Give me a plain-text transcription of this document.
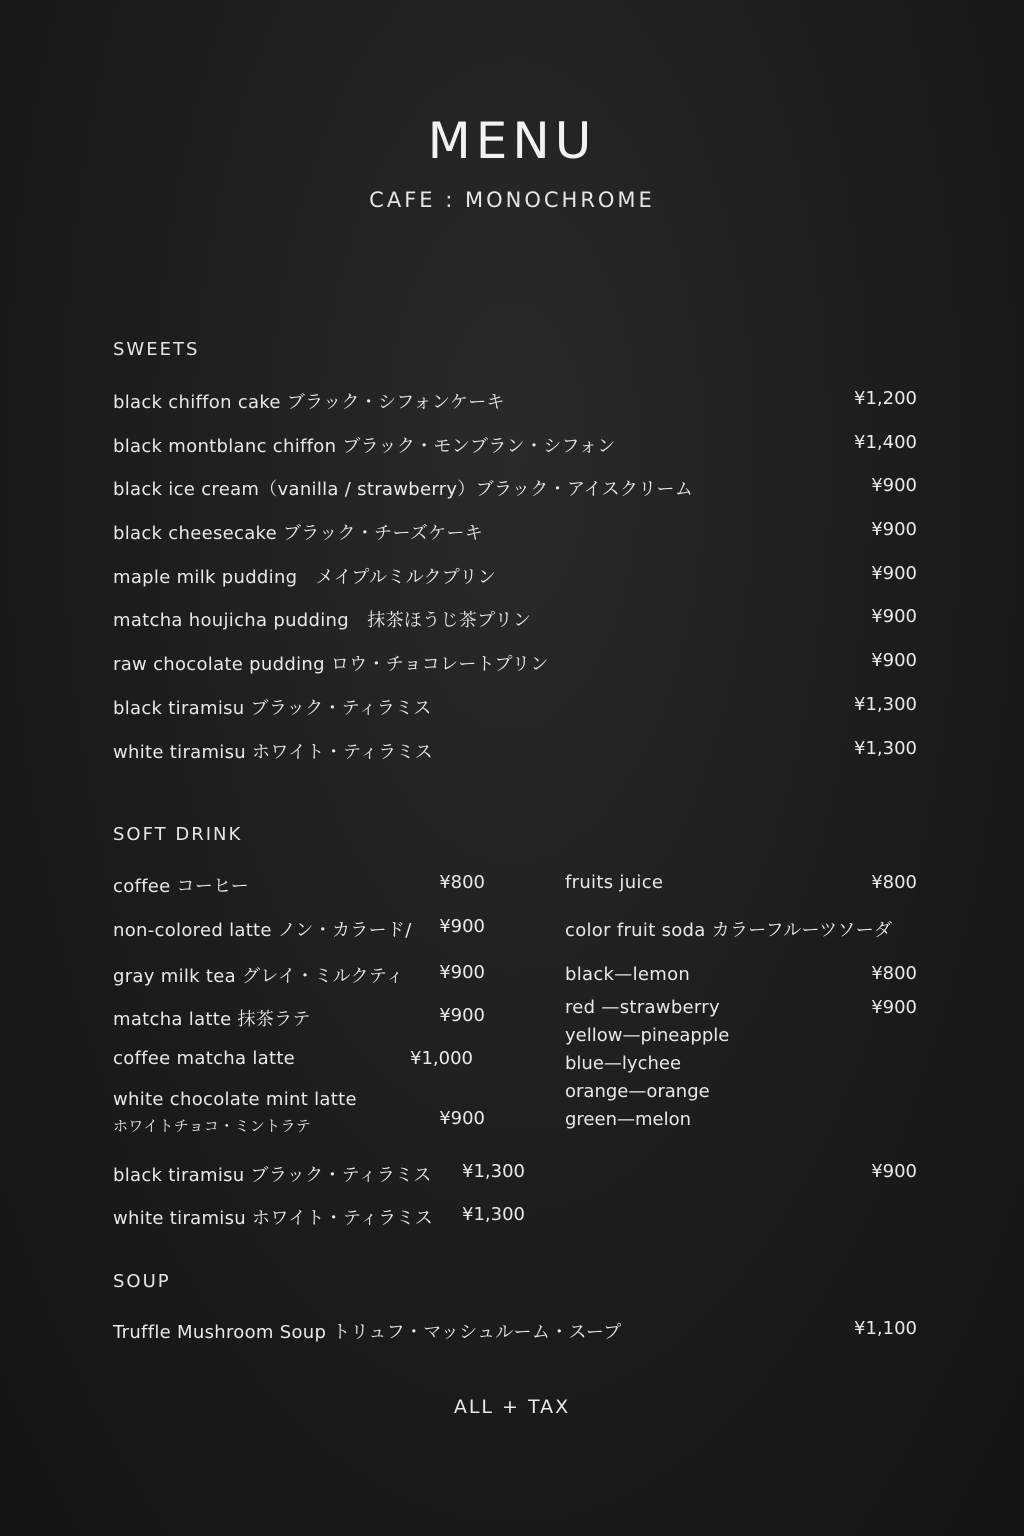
MENU
CAFE : MONOCHROME
SWEETS
black chiffon cake ブラック・シフォンケーキ	¥1,200
black montblanc chiffon ブラック・モンブラン・シフォン	¥1,400
black ice cream（vanilla / strawberry）ブラック・アイスクリーム	¥900
black cheesecake ブラック・チーズケーキ	¥900
maple milk pudding　メイプルミルクプリン	¥900
matcha houjicha pudding　抹茶ほうじ茶プリン	¥900
raw chocolate pudding ロウ・チョコレートプリン	¥900
black tiramisu ブラック・ティラミス	¥1,300
white tiramisu ホワイト・ティラミス	¥1,300
SOFT DRINK
coffee コーヒー	¥800
non-colored latte ノン・カラード/ ¥900
gray milk tea グレイ・ミルクティ ¥900
matcha latte 抹茶ラテ	¥900
coffee matcha latte	¥1,000
white chocolate mint latte
ホワイトチョコ・ミントラテ	¥900
black tiramisu ブラック・ティラミス ¥1,300
white tiramisu ホワイト・ティラミス ¥1,300
fruits juice	¥800
color fruit soda カラーフルーツソーダ
black—lemon	¥800
red —strawberry	¥900
yellow—pineapple
blue—lychee
orange—orange
green—melon
¥900
SOUP
Truffle Mushroom Soup トリュフ・マッシュルーム・スープ	¥1,100
ALL + TAX
